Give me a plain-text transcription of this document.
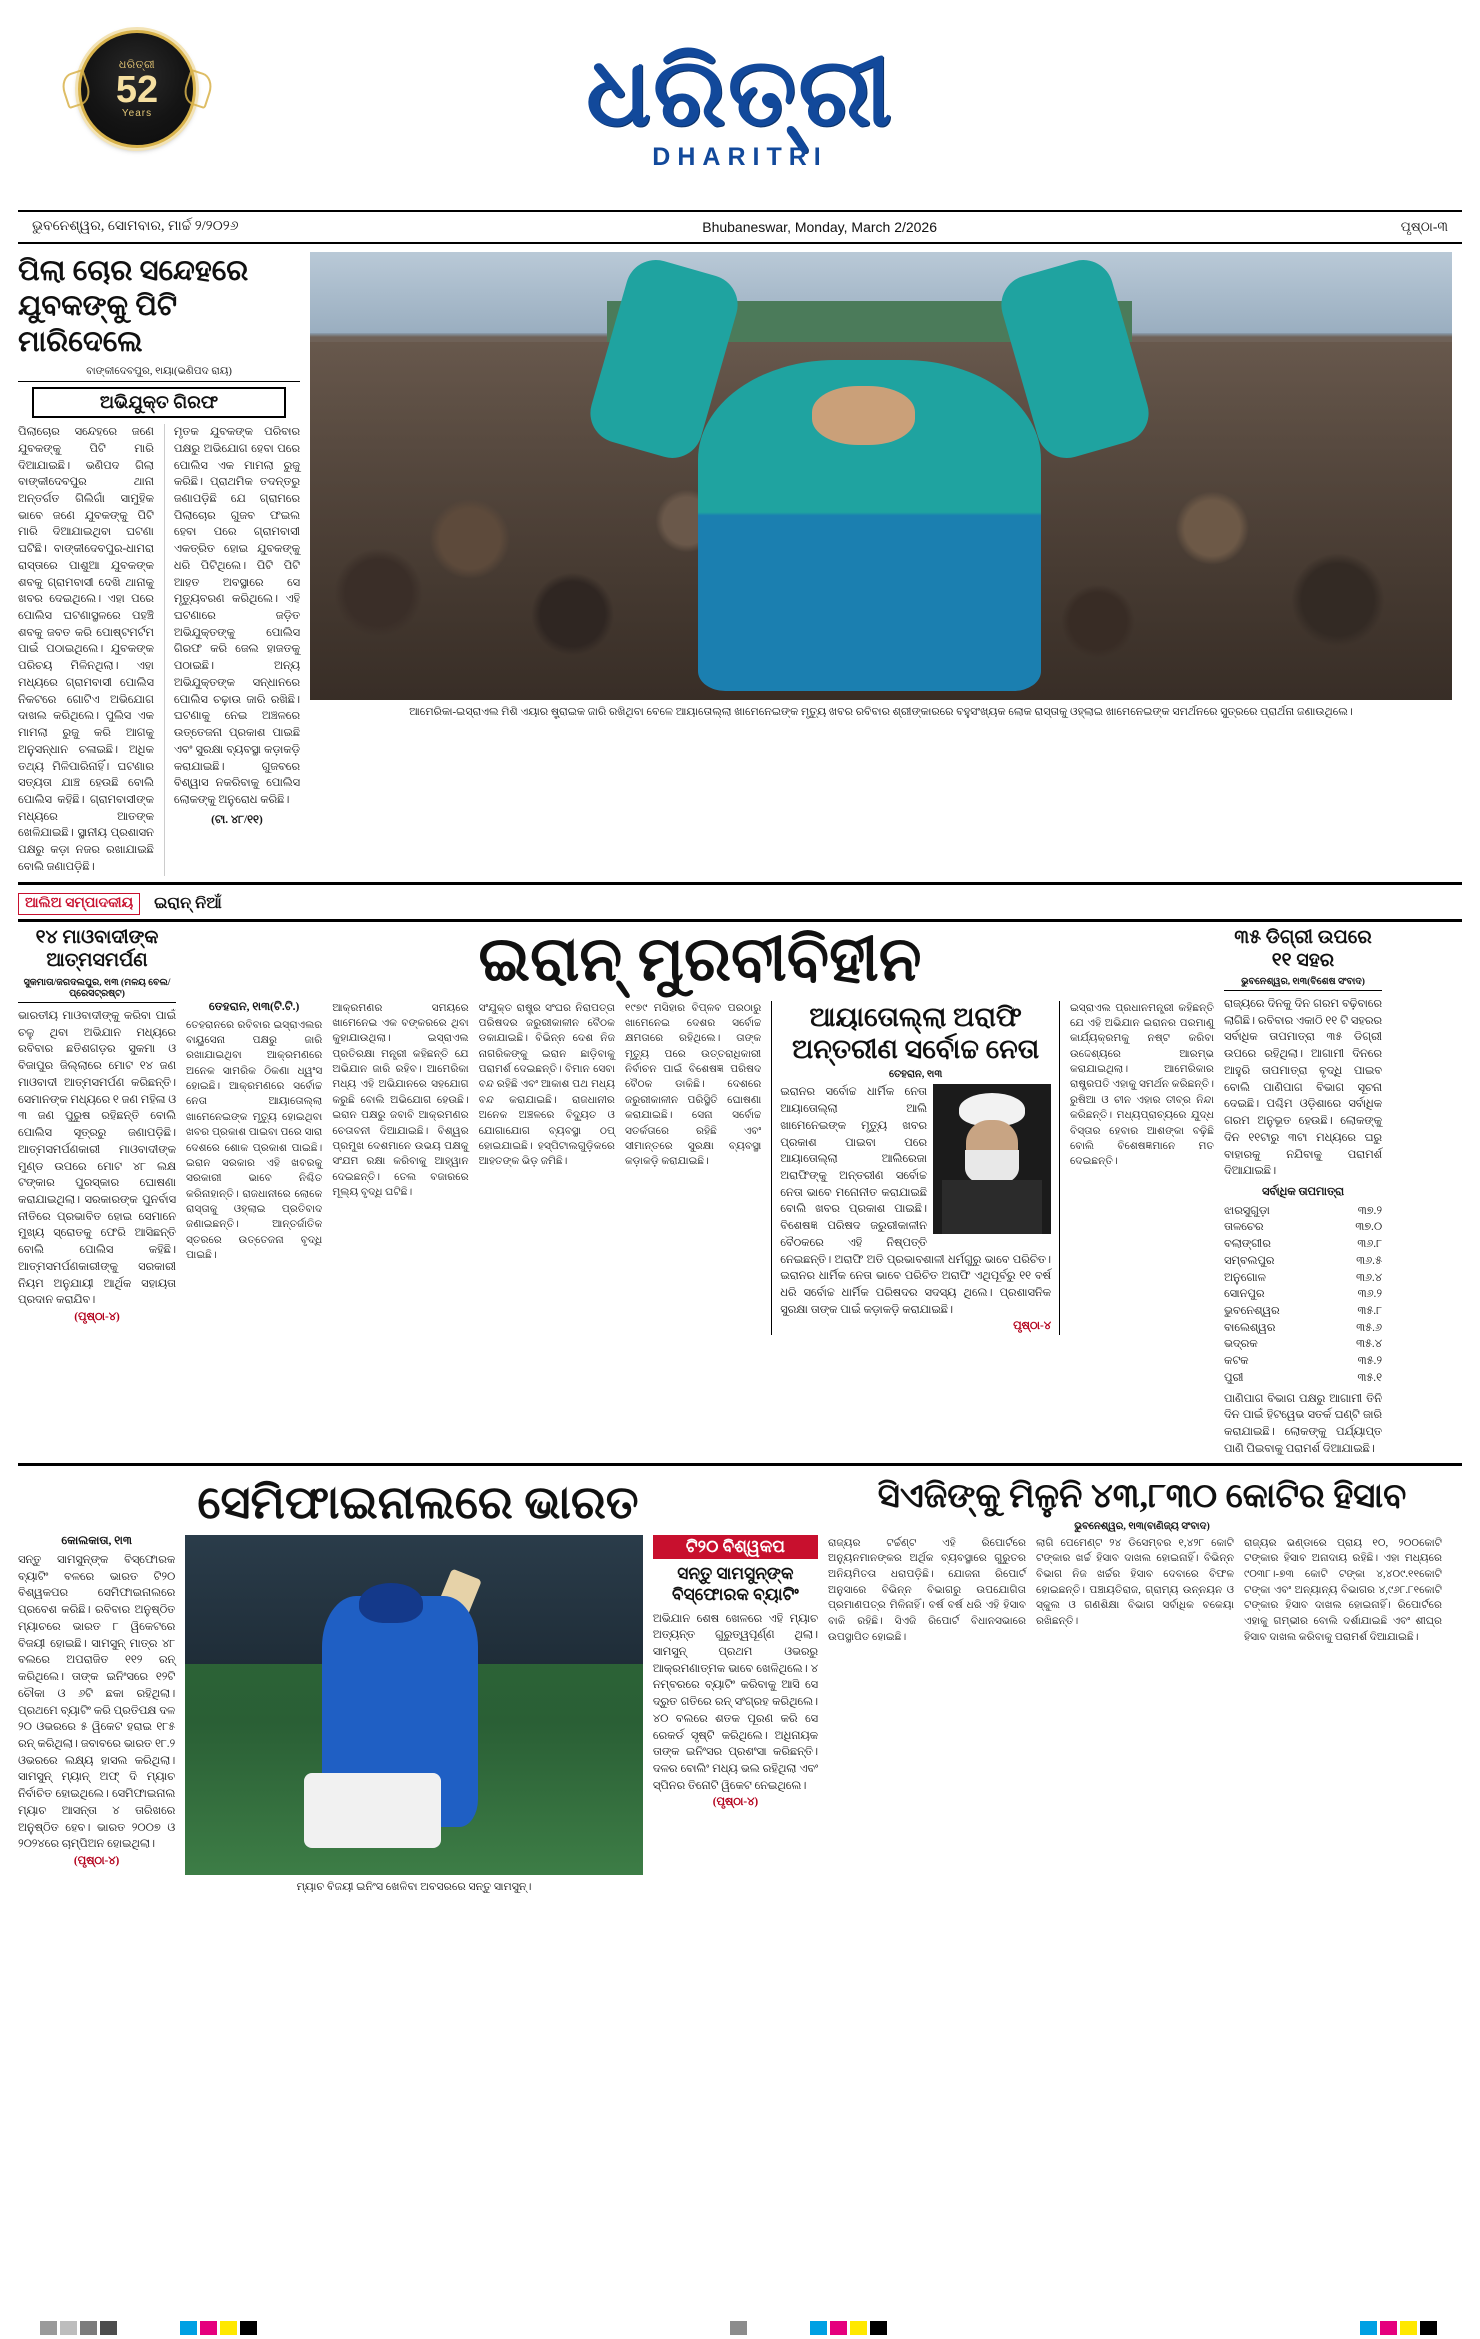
ଧରିତ୍ରୀ
52
Years	ଧରିତ୍ରୀ
DHARITRI
ଭୁବନେଶ୍ୱର, ସୋମବାର, ମାର୍ଚ୍ଚ ୨/୨୦୨୬	Bhubaneswar, Monday, March 2/2026	ପୃଷ୍ଠା-୩
ପିଲା ଚୋର ସନ୍ଦେହରେ ଯୁବକଙ୍କୁ ପିଟି ମାରିଦେଲେ
ବାଙ୍କୀଦେବପୁର, ୧ାୟା(ଭଣିପଦ ରାୟ)
ଅଭିଯୁକ୍ତ ଗିରଫ
ପିଲାଚୋର ସନ୍ଦେହରେ ଜଣେ ଯୁବକଙ୍କୁ ପିଟି ମାରି ଦିଆଯାଇଛି। ଭଣିପଦ ଗିଲା ବାଙ୍କୀଦେବପୁର ଥାନା ଅନ୍ତର୍ଗତ ଗିଲିଗାଁ ସାମୁହିକ ଭାବେ ଜଣେ ଯୁବକଙ୍କୁ ପିଟି ମାରି ଦିଆଯାଇଥିବା ଘଟଣା ଘଟିଛି। ବାଙ୍କୀଦେବପୁର-ଧାମରା ରାସ୍ତାରେ ପାଶୁଆ ଯୁବକଙ୍କ ଶବକୁ ଗ୍ରାମବାସୀ ଦେଖି ଥାନାକୁ ଖବର ଦେଇଥିଲେ। ଏହା ପରେ ପୋଲିସ ଘଟଣାସ୍ଥଳରେ ପହଞ୍ଚି ଶବକୁ ଜବତ କରି ପୋଷ୍ଟମର୍ଟମ ପାଇଁ ପଠାଇଥିଲେ। ଯୁବକଙ୍କ ପରିଚୟ ମିଳିନଥିଲା। ଏହା ମଧ୍ୟରେ ଗ୍ରାମବାସୀ ପୋଲିସ ନିକଟରେ ଗୋଟିଏ ଅଭିଯୋଗ ଦାଖଲ କରିଥିଲେ। ପୁଲିସ ଏକ ମାମଲା ରୁଜୁ କରି ଆଗକୁ ଅନୁସନ୍ଧାନ ଚଳାଇଛି। ଅଧିକ ତଥ୍ୟ ମିଳିପାରିନାହିଁ। ଘଟଣାର ସତ୍ୟତା ଯାଞ୍ଚ ହେଉଛି ବୋଲି ପୋଲିସ କହିଛି। ଗ୍ରାମବାସୀଙ୍କ ମଧ୍ୟରେ ଆତଙ୍କ ଖେଳିଯାଇଛି। ସ୍ଥାନୀୟ ପ୍ରଶାସନ ପକ୍ଷରୁ କଡ଼ା ନଜର ରଖାଯାଇଛି ବୋଲି ଜଣାପଡ଼ିଛି।
ମୃତକ ଯୁବକଙ୍କ ପରିବାର ପକ୍ଷରୁ ଅଭିଯୋଗ ହେବା ପରେ ପୋଲିସ ଏକ ମାମଲା ରୁଜୁ କରିଛି। ପ୍ରାଥମିକ ତଦନ୍ତରୁ ଜଣାପଡ଼ିଛି ଯେ ଗ୍ରାମରେ ପିଲାଚୋର ଗୁଜବ ଫଇଲ ହେବା ପରେ ଗ୍ରାମବାସୀ ଏକତ୍ରିତ ହୋଇ ଯୁବକଙ୍କୁ ଧରି ପିଟିଥିଲେ। ପିଟି ପିଟି ଆହତ ଅବସ୍ଥାରେ ସେ ମୃତ୍ୟୁବରଣ କରିଥିଲେ। ଏହି ଘଟଣାରେ ଜଡ଼ିତ ଅଭିଯୁକ୍ତଙ୍କୁ ପୋଲିସ ଗିରଫ କରି ଜେଲ ହାଜତକୁ ପଠାଇଛି। ଅନ୍ୟ ଅଭିଯୁକ୍ତଙ୍କ ସନ୍ଧାନରେ ପୋଲିସ ଚଢ଼ାଉ ଜାରି ରଖିଛି। ଘଟଣାକୁ ନେଇ ଅଞ୍ଚଳରେ ଉତ୍ତେଜନା ପ୍ରକାଶ ପାଇଛି ଏବଂ ସୁରକ୍ଷା ବ୍ୟବସ୍ଥା କଡ଼ାକଡ଼ି କରାଯାଇଛି। ଗୁଜବରେ ବିଶ୍ୱାସ ନକରିବାକୁ ପୋଲିସ ଲୋକଙ୍କୁ ଅନୁରୋଧ କରିଛି।
(ଟା. ୪୮/୧୧)
ଆମେରିକା-ଇସ୍ରାଏଲ ମିଶି ଏୟାର ଷ୍ଟ୍ରାଇକ ଜାରି ରଖିଥିବା ବେଳେ ଆୟାତୋଲ୍ଲା ଖାମେନେଇଙ୍କ ମୃତ୍ୟୁ ଖବର ରବିବାର ଶ୍ରୀଙ୍କାରରେ ବହୁସଂଖ୍ୟକ ଲୋକ ରାସ୍ତାକୁ ଓହ୍ଲାଇ ଖାମେନେଇଙ୍କ ସମର୍ଥନରେ ସୁତ୍ରରେ ପ୍ରାର୍ଥନା ଜଣାଉଥିଲେ।
ଆଲିଅ ସମ୍ପାଦକୀୟ	ଇରାନ୍ ନିଆଁ
୧୪ ମାଓବାଦୀଙ୍କ ଆତ୍ମସମର୍ପଣ
ସୁକମାତା/ଜଗଦଲପୁର, ୧ା୩ (ମଳୟ ବେଲ/ପ୍ରେସଟ୍ରଷ୍ଟ)
ଭାରତୀୟ ମାଓବାଦୀଙ୍କୁ କରିବା ପାଇଁ ଚଳୁ ଥିବା ଅଭିଯାନ ମଧ୍ୟରେ ରବିବାର ଛତିଶଗଡ଼ର ସୁକମା ଓ ବିଜାପୁର ଜିଲ୍ଲାରେ ମୋଟ ୧୪ ଜଣ ମାଓବାଦୀ ଆତ୍ମସମର୍ପଣ କରିଛନ୍ତି। ସେମାନଙ୍କ ମଧ୍ୟରେ ୧ ଜଣ ମହିଳା ଓ ୩ ଜଣ ପୁରୁଷ ରହିଛନ୍ତି ବୋଲି ପୋଲିସ ସୂତ୍ରରୁ ଜଣାପଡ଼ିଛି। ଆତ୍ମସମର୍ପଣକାରୀ ମାଓବାଦୀଙ୍କ ମୁଣ୍ଡ ଉପରେ ମୋଟ ୪୮ ଲକ୍ଷ ଟଙ୍କାର ପୁରସ୍କାର ଘୋଷଣା କରାଯାଇଥିଲା। ସରକାରଙ୍କ ପୁନର୍ବାସ ନୀତିରେ ପ୍ରଭାବିତ ହୋଇ ସେମାନେ ମୁଖ୍ୟ ସ୍ରୋତକୁ ଫେରି ଆସିଛନ୍ତି ବୋଲି ପୋଲିସ କହିଛି। ଆତ୍ମସମର୍ପଣକାରୀଙ୍କୁ ସରକାରୀ ନିୟମ ଅନୁଯାୟୀ ଆର୍ଥିକ ସହାୟତା ପ୍ରଦାନ କରାଯିବ।
(ପୃଷ୍ଠା-୪)
ଇରାନ୍ ମୁରବୀବିହୀନ
ତେହରାନ, ୧ା୩(ଟି.ଟି.)
ତେହରାନରେ ରବିବାର ଇସ୍ରାଏଲର ବାୟୁସେନା ପକ୍ଷରୁ ଜାରି ରଖାଯାଇଥିବା ଆକ୍ରମଣରେ ଅନେକ ସାମରିକ ଠିକଣା ଧ୍ୱଂସ ହୋଇଛି। ଆକ୍ରମଣରେ ସର୍ବୋଚ୍ଚ ନେତା ଆୟାତୋଲ୍ଲା ଖାମେନେଇଙ୍କ ମୃତ୍ୟୁ ହୋଇଥିବା ଖବର ପ୍ରକାଶ ପାଇବା ପରେ ସାରା ଦେଶରେ ଶୋକ ପ୍ରକାଶ ପାଇଛି। ଇରାନ ସରକାର ଏହି ଖବରକୁ ସରକାରୀ ଭାବେ ନିଶ୍ଚିତ କରିନାହାନ୍ତି। ରାଜଧାନୀରେ ଲୋକେ ରାସ୍ତାକୁ ଓହ୍ଲାଇ ପ୍ରତିବାଦ ଜଣାଇଛନ୍ତି। ଆନ୍ତର୍ଜାତିକ ସ୍ତରରେ ଉତ୍ତେଜନା ବୃଦ୍ଧି ପାଇଛି।
ଆକ୍ରମଣର ସମୟରେ ଖାମେନେଇ ଏକ ବଙ୍କରରେ ଥିବା କୁହାଯାଉଥିଲା। ଇସ୍ରାଏଲ ପ୍ରତିରକ୍ଷା ମନ୍ତ୍ରୀ କହିଛନ୍ତି ଯେ ଅଭିଯାନ ଜାରି ରହିବ। ଆମେରିକା ମଧ୍ୟ ଏହି ଅଭିଯାନରେ ସହଯୋଗ କରୁଛି ବୋଲି ଅଭିଯୋଗ ହେଉଛି। ଇରାନ ପକ୍ଷରୁ ଜବାବି ଆକ୍ରମଣର ଚେତାବନୀ ଦିଆଯାଇଛି। ବିଶ୍ୱର ପ୍ରମୁଖ ଦେଶମାନେ ଉଭୟ ପକ୍ଷକୁ ସଂଯମ ରକ୍ଷା କରିବାକୁ ଆହ୍ୱାନ ଦେଇଛନ୍ତି। ତେଲ ବଜାରରେ ମୂଲ୍ୟ ବୃଦ୍ଧି ଘଟିଛି।
ସଂଯୁକ୍ତ ରାଷ୍ଟ୍ର ସଂଘର ନିରାପତ୍ତା ପରିଷଦର ଜରୁରୀକାଳୀନ ବୈଠକ ଡକାଯାଇଛି। ବିଭିନ୍ନ ଦେଶ ନିଜ ନାଗରିକଙ୍କୁ ଇରାନ ଛାଡ଼ିବାକୁ ପରାମର୍ଶ ଦେଇଛନ୍ତି। ବିମାନ ସେବା ବନ୍ଦ ରହିଛି ଏବଂ ଆକାଶ ପଥ ମଧ୍ୟ ବନ୍ଦ କରାଯାଇଛି। ରାଜଧାନୀର ଅନେକ ଅଞ୍ଚଳରେ ବିଦ୍ୟୁତ ଓ ଯୋଗାଯୋଗ ବ୍ୟବସ୍ଥା ଠପ୍ ହୋଇଯାଇଛି। ହସ୍ପିଟାଲଗୁଡ଼ିକରେ ଆହତଙ୍କ ଭିଡ଼ ଜମିଛି।
୧୯୭୯ ମସିହାର ବିପ୍ଳବ ପରଠାରୁ ଖାମେନେଇ ଦେଶର ସର୍ବୋଚ୍ଚ କ୍ଷମତାରେ ରହିଥିଲେ। ତାଙ୍କ ମୃତ୍ୟୁ ପରେ ଉତ୍ତରାଧିକାରୀ ନିର୍ବାଚନ ପାଇଁ ବିଶେଷଜ୍ଞ ପରିଷଦ ବୈଠକ ଡାକିଛି। ଦେଶରେ ଜରୁରୀକାଳୀନ ପରିସ୍ଥିତି ଘୋଷଣା କରାଯାଇଛି। ସେନା ସର୍ବୋଚ୍ଚ ସତର୍କତାରେ ରହିଛି ଏବଂ ସୀମାନ୍ତରେ ସୁରକ୍ଷା ବ୍ୟବସ୍ଥା କଡ଼ାକଡ଼ି କରାଯାଇଛି।
ଆୟାତୋଲ୍ଲା ଅରାଫି ଅନ୍ତରୀଣ ସର୍ବୋଚ୍ଚ ନେତା
ତେହରାନ, ୧ା୩
ଇରାନର ସର୍ବୋଚ୍ଚ ଧାର୍ମିକ ନେତା ଆୟାତୋଲ୍ଲା ଆଲି ଖାମେନେଇଙ୍କ ମୃତ୍ୟୁ ଖବର ପ୍ରକାଶ ପାଇବା ପରେ ଆୟାତୋଲ୍ଲା ଆଲିରେଜା ଅରାଫିଙ୍କୁ ଅନ୍ତରୀଣ ସର୍ବୋଚ୍ଚ ନେତା ଭାବେ ମନୋନୀତ କରାଯାଇଛି ବୋଲି ଖବର ପ୍ରକାଶ ପାଇଛି। ବିଶେଷଜ୍ଞ ପରିଷଦ ଜରୁରୀକାଳୀନ ବୈଠକରେ ଏହି ନିଷ୍ପତ୍ତି ନେଇଛନ୍ତି। ଅରାଫି ଅତି ପ୍ରଭାବଶାଳୀ ଧର୍ମଗୁରୁ ଭାବେ ପରିଚିତ। ଇରାନର ଧାର୍ମିକ ନେତା ଭାବେ ପରିଚିତ ଅରାଫି ଏଥିପୂର୍ବରୁ ୧୧ ବର୍ଷ ଧରି ସର୍ବୋଚ୍ଚ ଧାର୍ମିକ ପରିଷଦର ସଦସ୍ୟ ଥିଲେ। ପ୍ରଶାସନିକ ସୁରକ୍ଷା ତାଙ୍କ ପାଇଁ କଡ଼ାକଡ଼ି କରାଯାଇଛି।
ପୃଷ୍ଠା-୪
ଇସ୍ରାଏଲ ପ୍ରଧାନମନ୍ତ୍ରୀ କହିଛନ୍ତି ଯେ ଏହି ଅଭିଯାନ ଇରାନର ପରମାଣୁ କାର୍ଯ୍ୟକ୍ରମକୁ ନଷ୍ଟ କରିବା ଉଦ୍ଦେଶ୍ୟରେ ଆରମ୍ଭ କରାଯାଇଥିଲା। ଆମେରିକାର ରାଷ୍ଟ୍ରପତି ଏହାକୁ ସମର୍ଥନ କରିଛନ୍ତି। ରୁଷିଆ ଓ ଚୀନ ଏହାର ତୀବ୍ର ନିନ୍ଦା କରିଛନ୍ତି। ମଧ୍ୟପ୍ରାଚ୍ୟରେ ଯୁଦ୍ଧ ବିସ୍ତାର ହେବାର ଆଶଙ୍କା ବଢ଼ିଛି ବୋଲି ବିଶେଷଜ୍ଞମାନେ ମତ ଦେଇଛନ୍ତି।
୩୫ ଡିଗ୍ରୀ ଉପରେ ୧୧ ସହର
ଭୁବନେଶ୍ୱର, ୧ା୩(ବିଶେଷ ସଂବାଦ)
ରାଜ୍ୟରେ ଦିନକୁ ଦିନ ଗରମ ବଢ଼ିବାରେ ଲାଗିଛି। ରବିବାର ଏକାଠି ୧୧ ଟି ସହରର ସର୍ବାଧିକ ତାପମାତ୍ରା ୩୫ ଡିଗ୍ରୀ ଉପରେ ରହିଥିଲା। ଆଗାମୀ ଦିନରେ ଆହୁରି ତାପମାତ୍ରା ବୃଦ୍ଧି ପାଇବ ବୋଲି ପାଣିପାଗ ବିଭାଗ ସୂଚନା ଦେଇଛି। ପଶ୍ଚିମ ଓଡ଼ିଶାରେ ସର୍ବାଧିକ ଗରମ ଅନୁଭୂତ ହେଉଛି। ଲୋକଙ୍କୁ ଦିନ ୧୧ଟାରୁ ୩ଟା ମଧ୍ୟରେ ଘରୁ ବାହାରକୁ ନଯିବାକୁ ପରାମର୍ଶ ଦିଆଯାଇଛି।
ସର୍ବାଧିକ ତାପମାତ୍ରା
ଝାରସୁଗୁଡ଼ା	୩୭.୨
ତାଳଚେର	୩୭.୦
ବଲାଙ୍ଗୀର	୩୬.୮
ସମ୍ବଲପୁର	୩୬.୫
ଅନୁଗୋଳ	୩୬.୪
ସୋନପୁର	୩୬.୨
ଭୁବନେଶ୍ୱର	୩୫.୮
ବାଲେଶ୍ୱର	୩୫.୬
ଭଦ୍ରକ	୩୫.୪
କଟକ	୩୫.୨
ପୁରୀ	୩୫.୧
ପାଣିପାଗ ବିଭାଗ ପକ୍ଷରୁ ଆଗାମୀ ତିନି ଦିନ ପାଇଁ ହିଟୱେଭ ସତର୍କ ଘଣ୍ଟି ଜାରି କରାଯାଇଛି। ଲୋକଙ୍କୁ ପର୍ଯ୍ୟାପ୍ତ ପାଣି ପିଇବାକୁ ପରାମର୍ଶ ଦିଆଯାଇଛି।
ସେମିଫାଇନାଲରେ ଭାରତ
କୋଲକାତା, ୧ା୩
ସନ୍ତୁ ସାମସୁନ୍ଙ୍କ ବିସ୍ଫୋରକ ବ୍ୟାଟିଂ ବଳରେ ଭାରତ ଟି୨୦ ବିଶ୍ୱକପର ସେମିଫାଇନାଲରେ ପ୍ରବେଶ କରିଛି। ରବିବାର ଅନୁଷ୍ଠିତ ମ୍ୟାଚରେ ଭାରତ ୮ ୱିକେଟରେ ବିଜୟୀ ହୋଇଛି। ସାମସୁନ୍ ମାତ୍ର ୪୮ ବଲରେ ଅପରାଜିତ ୧୧୨ ରନ୍ କରିଥିଲେ। ତାଙ୍କ ଇନିଂସରେ ୧୨ଟି ଚୌକା ଓ ୬ଟି ଛକା ରହିଥିଲା। ପ୍ରଥମେ ବ୍ୟାଟିଂ କରି ପ୍ରତିପକ୍ଷ ଦଳ ୨୦ ଓଭରରେ ୫ ୱିକେଟ ହରାଇ ୧୮୫ ରନ୍ କରିଥିଲା। ଜବାବରେ ଭାରତ ୧୮.୨ ଓଭରରେ ଲକ୍ଷ୍ୟ ହାସଲ କରିଥିଲା। ସାମସୁନ୍ ମ୍ୟାନ୍ ଅଫ୍ ଦି ମ୍ୟାଚ ନିର୍ବାଚିତ ହୋଇଥିଲେ। ସେମିଫାଇନାଲ ମ୍ୟାଚ ଆସନ୍ତା ୪ ତାରିଖରେ ଅନୁଷ୍ଠିତ ହେବ। ଭାରତ ୨୦୦୭ ଓ ୨୦୨୪ରେ ଚାମ୍ପିଅନ ହୋଇଥିଲା।
(ପୃଷ୍ଠା-୪)
ମ୍ୟାଚ ବିଜୟୀ ଇନିଂସ ଖେଳିବା ଅବସରରେ ସନ୍ତୁ ସାମସୁନ୍।
ଟି୨୦ ବିଶ୍ୱକପ
ସନ୍ତୁ ସାମସୁନ୍ଙ୍କ ବିସ୍ଫୋରକ ବ୍ୟାଟିଂ
ଅଭିଯାନ ଶେଷ ଖେଳରେ ଏହି ମ୍ୟାଚ ଅତ୍ୟନ୍ତ ଗୁରୁତ୍ୱପୂର୍ଣ୍ଣ ଥିଲା। ସାମସୁନ୍ ପ୍ରଥମ ଓଭରରୁ ଆକ୍ରମଣାତ୍ମକ ଭାବେ ଖେଳିଥିଲେ। ୪ ନମ୍ବରରେ ବ୍ୟାଟିଂ କରିବାକୁ ଆସି ସେ ଦ୍ରୁତ ଗତିରେ ରନ୍ ସଂଗ୍ରହ କରିଥିଲେ। ୪୦ ବଲରେ ଶତକ ପୂରଣ କରି ସେ ରେକର୍ଡ ସୃଷ୍ଟି କରିଥିଲେ। ଅଧିନାୟକ ତାଙ୍କ ଇନିଂସର ପ୍ରଶଂସା କରିଛନ୍ତି। ଦଳର ବୋଲିଂ ମଧ୍ୟ ଭଲ ରହିଥିଲା ଏବଂ ସ୍ପିନର ତିନୋଟି ୱିକେଟ ନେଇଥିଲେ।
(ପୃଷ୍ଠା-୪)
ସିଏଜିଙ୍କୁ ମିଳୁନି ୪୩,୮୩୦ କୋଟିର ହିସାବ
ଭୁବନେଶ୍ୱର, ୧ା୩(ବାଣିଜ୍ୟ ସଂବାଦ)
ରାଜ୍ୟର ଟର୍ଚ୍ଚଣ୍ଟ ଏହି ରିପୋର୍ଟରେ ଅନ୍ୟୁନମାନଙ୍କର ଅର୍ଥିକ ବ୍ୟବସ୍ଥାରେ ଗୁରୁତର ଅନିୟମିତତା ଧରାପଡ଼ିଛି। ଯୋଜନା ରିପୋର୍ଟ ଅନୁସାରେ ବିଭିନ୍ନ ବିଭାଗରୁ ଉପଯୋଗିତା ପ୍ରମାଣପତ୍ର ମିଳିନାହିଁ। ବର୍ଷ ବର୍ଷ ଧରି ଏହି ହିସାବ ବାକି ରହିଛି। ସିଏଜି ରିପୋର୍ଟ ବିଧାନସଭାରେ ଉପସ୍ଥାପିତ ହୋଇଛି।
ଲାଗି ପେମେଣ୍ଟ ୨୪ ଡିସେମ୍ବର ୧,୪୨୮ କୋଟି ଟଙ୍କାର ଖର୍ଚ୍ଚ ହିସାବ ଦାଖଲ ହୋଇନାହିଁ। ବିଭିନ୍ନ ବିଭାଗ ନିଜ ଖର୍ଚ୍ଚର ହିସାବ ଦେବାରେ ବିଫଳ ହୋଇଛନ୍ତି। ପଞ୍ଚାୟତିରାଜ, ଗ୍ରାମ୍ୟ ଉନ୍ନୟନ ଓ ସ୍କୁଲ ଓ ଗଣଶିକ୍ଷା ବିଭାଗ ସର୍ବାଧିକ ବକେୟା ରଖିଛନ୍ତି।
ରାଜ୍ୟର ଭଣ୍ଡାରେ ପ୍ରାୟ ୧୦, ୨୦୦କୋଟି ଟଙ୍କାର ହିସାବ ଅନାଦାୟ ରହିଛି। ଏହା ମଧ୍ୟରେ ୯୦୩୮।-୭୩ କୋଟି ଟଙ୍କା ୪,୪୦୯.୧୧କୋଟି ଟଙ୍କା ଏବଂ ଅନ୍ୟାନ୍ୟ ବିଭାଗର ୪,୯୬୮.୮୧କୋଟି ଟଙ୍କାର ହିସାବ ଦାଖଲ ହୋଇନାହିଁ। ରିପୋର୍ଟରେ ଏହାକୁ ଗମ୍ଭୀର ବୋଲି ଦର୍ଶାଯାଇଛି ଏବଂ ଶୀଘ୍ର ହିସାବ ଦାଖଲ କରିବାକୁ ପରାମର୍ଶ ଦିଆଯାଇଛି।
